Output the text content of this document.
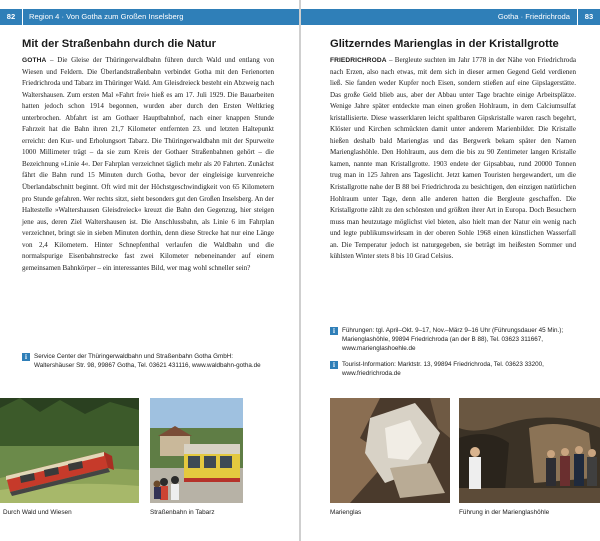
82 Region 4 · Von Gotha zum Großen Inselsberg
Mit der Straßenbahn durch die Natur
GOTHA – Die Gleise der Thüringerwaldbahn führen durch Wald und entlang von Wiesen und Feldern. Die Überlandstraßenbahn verbindet Gotha mit den Ferienorten Friedrichroda und Tabarz im Thüringer Wald. Am Gleisdreieck besteht ein Abzweig nach Waltershausen. Zum ersten Mal »Fahrt frei« hieß es am 17. Juli 1929. Die Bauarbeiten hatten jedoch schon 1914 begonnen, wurden aber durch den Ersten Weltkrieg unterbrochen. Abfahrt ist am Gothaer Hauptbahnhof, nach einer knappen Stunde Fahrzeit hat die Bahn ihren 21,7 Kilometer entfernten 23. und letzten Haltepunkt erreicht: den Kur- und Erholungsort Tabarz. Die Thüringerwaldbahn mit der Spurweite 1000 Millimeter trägt – da sie zum Kreis der Gothaer Straßenbahnen gehört – die Bezeichnung »Linie 4«. Der Fahrplan verzeichnet täglich mehr als 20 Fahrten. Zunächst fährt die Bahn rund 15 Minuten durch Gotha, bevor der eingleisige kurvenreiche Überlandabschnitt beginnt. Oft wird mit der Höchstgeschwindigkeit von 65 Kilometern pro Stunde gefahren. Wer rechts sitzt, sieht besonders gut den Großen Inselsberg. An der Haltestelle »Waltershausen Gleisdreieck« kreuzt die Bahn den Gegenzug, hier steigen jene aus, deren Ziel Waltershausen ist. Die Anschlussbahn, als Linie 6 im Fahrplan verzeichnet, bringt sie in sieben Minuten dorthin, denn diese Strecke hat nur eine Länge von 2,4 Kilometern. Hinter Schnepfenthal verlaufen die Waldbahn und die normalspurige Eisenbahnstrecke fast zwei Kilometer nebeneinander auf einem gemeinsamen Bahnkörper – ein interessantes Bild, wer mag wohl schneller sein?
i	Service Center der Thüringerwaldbahn und Straßenbahn Gotha GmbH: Waltershäuser Str. 98, 99867 Gotha, Tel. 03621 431116, www.waldbahn-gotha.de
Durch Wald und Wiesen	Straßenbahn in Tabarz
Gotha · Friedrichroda	83
Glitzerndes Marienglas in der Kristallgrotte
FRIEDRICHRODA – Bergleute suchten im Jahr 1778 in der Nähe von Friedrichroda nach Erzen, also nach etwas, mit dem sich in dieser armen Gegend Geld verdienen ließ. Sie fanden weder Kupfer noch Eisen, sondern stießen auf eine Gipslagerstätte. Das große Geld blieb aus, aber der Abbau unter Tage brachte einige Arbeitsplätze. Wenige Jahre später entdeckte man einen großen Hohlraum, in dem Calciumsulfat kristallisierte. Diese wasserklaren leicht spaltbaren Gipskristalle waren rasch begehrt, Klöster und Kirchen schmückten damit unter anderem Marienbilder. Die Kristalle hießen deshalb bald Marienglas und das Bergwerk bekam später den Namen Marienglashöhle. Den Hohlraum, aus dem die bis zu 90 Zentimeter langen Kristalle kamen, nannte man Kristallgrotte. 1903 endete der Gipsabbau, rund 20000 Tonnen trug man in 125 Jahren ans Tageslicht. Jetzt kamen Touristen hergewandert, um die Kristallgrotte nahe der B 88 bei Friedrichroda zu besichtigen, den einzigen natürlichen Hohlraum unter Tage, denn alle anderen hatten die Bergleute geschaffen. Die Kristallgrotte zählt zu den schönsten und größten ihrer Art in Europa. Doch Besuchern muss man heutzutage möglichst viel bieten, also hielt man der Natur ein wenig nach und legte publikumswirksam in der oberen Sohle 1968 einen künstlichen Wasserfall an. Die Temperatur jedoch ist naturgegeben, sie beträgt im heißesten Sommer und kühlsten Winter stets 8 bis 10 Grad Celsius.
i	Führungen: tgl. April–Okt. 9–17, Nov.–März 9–16 Uhr (Führungsdauer 45 Min.); Marienglashöhle, 99894 Friedrichroda (an der B 88), Tel. 03623 311667, www.marienglashoehle.de
i	Tourist-Information: Marktstr. 13, 99894 Friedrichroda, Tel. 03623 33200, www.friedrichroda.de
Marienglas	Führung in der Marienglashöhle
